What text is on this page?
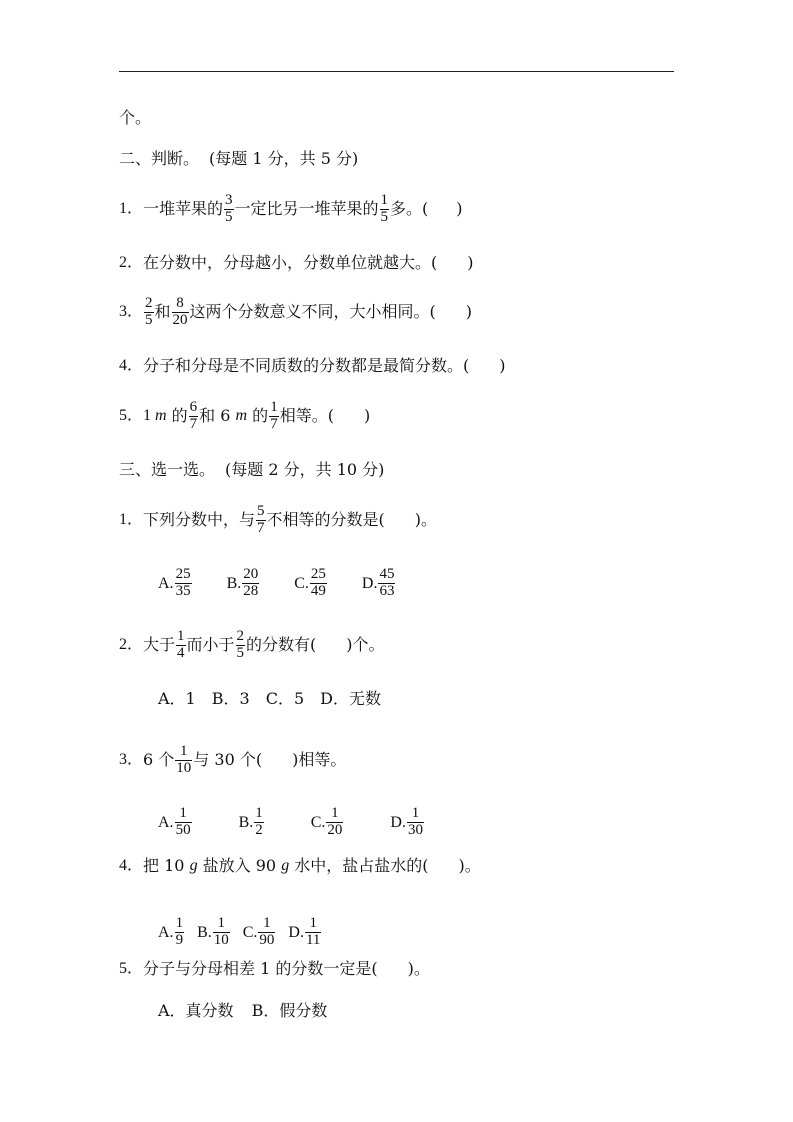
个。
二、判断。 (每题 1 分，共 5 分)
1． 一堆苹果的 $\frac{3}{5}$ 一定比另一堆苹果的 $\frac{1}{5}$ 多。( )
2． 在分数中，分母越小，分数单位就越大。( )
3． $\frac{2}{5}$ 和 $\frac{8}{20}$ 这两个分数意义不同，大小相同。( )
4． 分子和分母是不同质数的分数都是最简分数。( )
5． 1 m 的 $\frac{6}{7}$ 和 6 m 的 $\frac{1}{7}$ 相等。( )
三、选一选。 (每题 2 分，共 10 分)
1． 下列分数中，与 $\frac{5}{7}$ 不相等的分数是( )。
A. $\frac{25}{35} B$. $\frac{20}{28} C$. $\frac{25}{49} D$. $\frac{45}{63}$
2． 大于 $\frac{1}{4}$ 而小于 $\frac{2}{5}$ 的分数有( )个。
A．1 B．3 C．5 D．无数
3． 6 个 $\frac{1}{10}$ 与 30 个( )相等。
A. $\frac{1}{50}$	B. $\frac{1}{2}$	C. $\frac{1}{20}$	D. $\frac{1}{30}$
4． 把 10 g 盐放入 90 g 水中，盐占盐水的( )。
A. $\frac{1}{9} B$. $\frac{1}{10} C$. $\frac{1}{90} D$. $\frac{1}{11}$
5． 分子与分母相差 1 的分数一定是( )。
A．真分数 B．假分数
